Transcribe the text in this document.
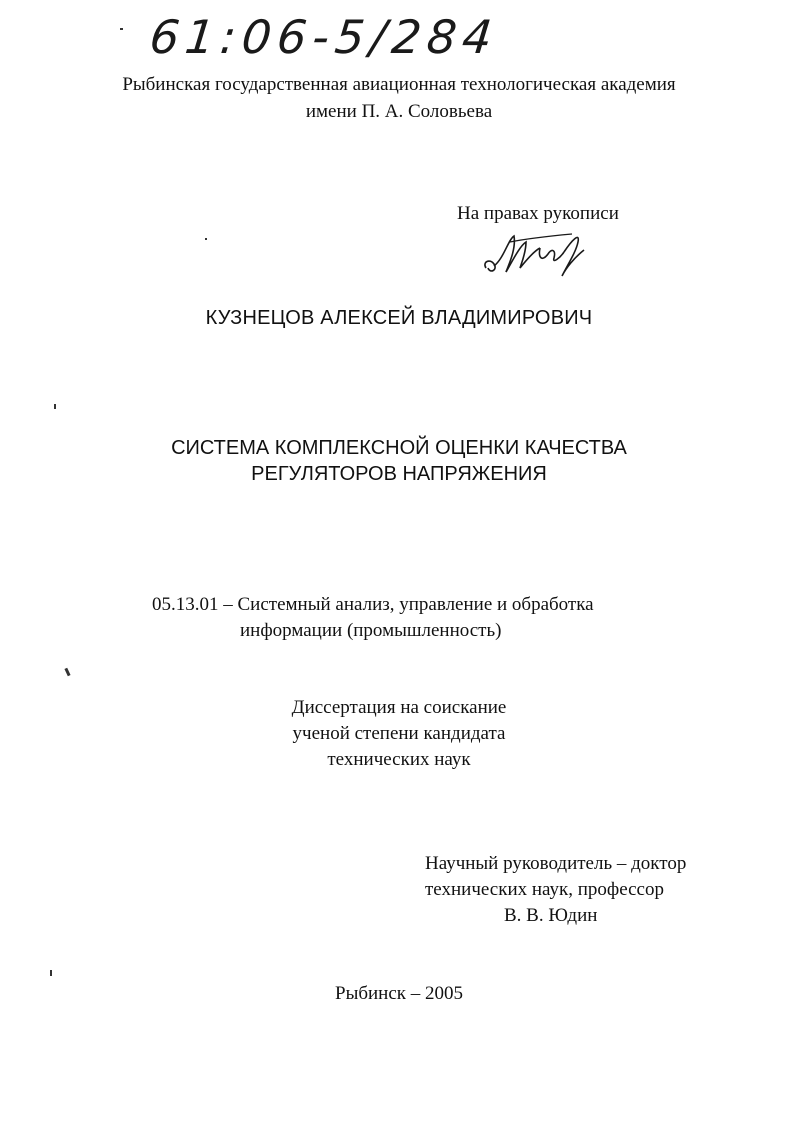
61:06-5/284
Рыбинская государственная авиационная технологическая академия
имени П. А. Соловьева
На правах рукописи
КУЗНЕЦОВ АЛЕКСЕЙ ВЛАДИМИРОВИЧ
СИСТЕМА КОМПЛЕКСНОЙ ОЦЕНКИ КАЧЕСТВА
РЕГУЛЯТОРОВ НАПРЯЖЕНИЯ
05.13.01 – Системный анализ, управление и обработка
информации (промышленность)
Диссертация на соискание
ученой степени кандидата
технических наук
Научный руководитель – доктор
технических наук, профессор
В. В. Юдин
Рыбинск – 2005
